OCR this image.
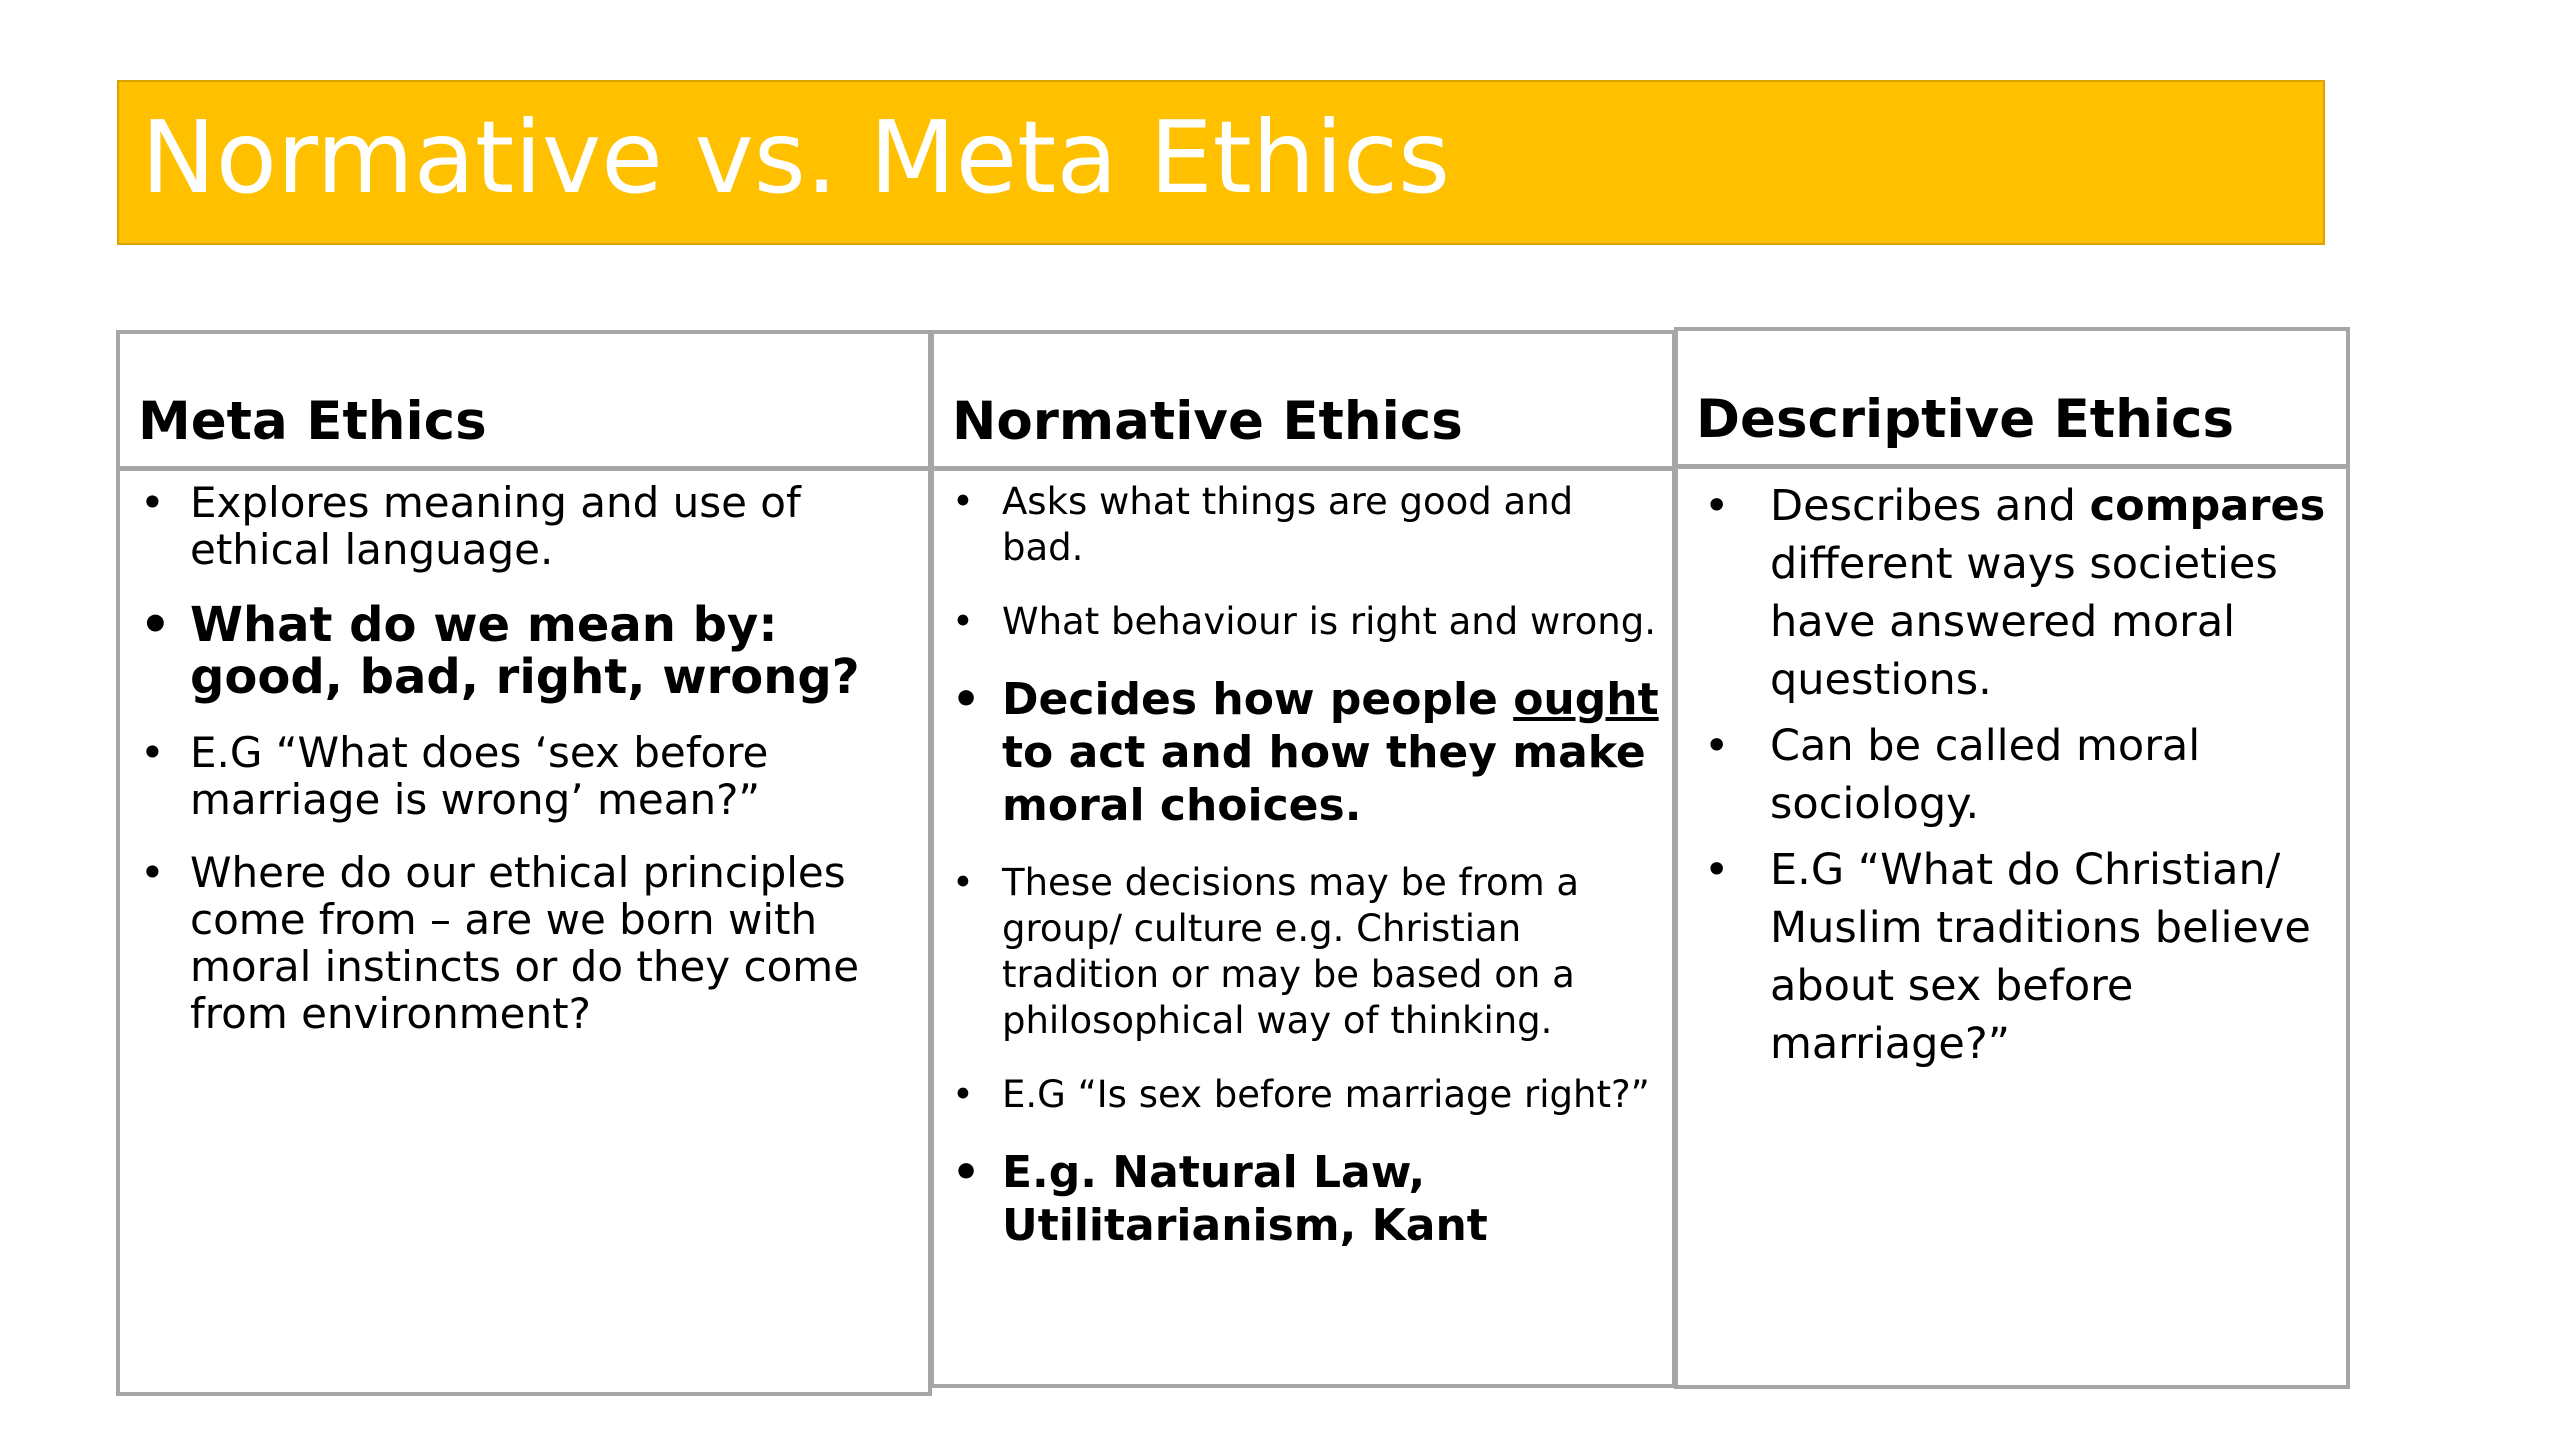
Normative vs. Meta Ethics
Meta Ethics
• Explores meaning and use of ethical language.
• What do we mean by: good, bad, right, wrong?
• E.G “What does ‘sex before marriage is wrong’ mean?”
• Where do our ethical principles come from – are we born with moral instincts or do they come from environment?
Normative Ethics
• Asks what things are good and bad.
• What behaviour is right and wrong.
• Decides how people ought to act and how they make moral choices.
• These decisions may be from a group/ culture e.g. Christian tradition or may be based on a philosophical way of thinking.
• E.G “Is sex before marriage right?”
• E.g. Natural Law, Utilitarianism, Kant
Descriptive Ethics
• Describes and compares different ways societies have answered moral questions.
• Can be called moral sociology.
• E.G “What do Christian/ Muslim traditions believe about sex before marriage?”
